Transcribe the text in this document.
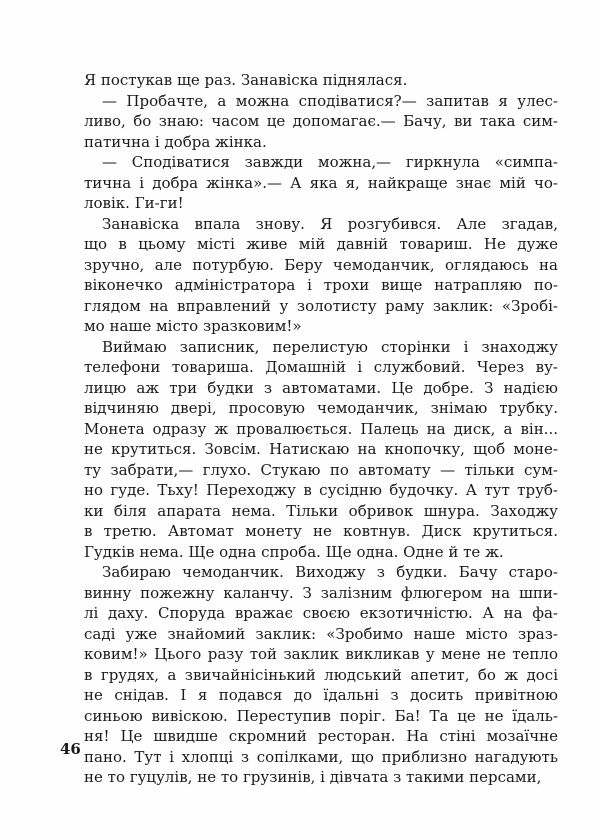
Я постукав ще раз. Занавіска піднялася.
— Пробачте, а можна сподіватися?— запитав я улес-
ливо, бо знаю: часом це допомагає.— Бачу, ви така сим-
патична і добра жінка.
— Сподіватися завжди можна,— гиркнула «симпа-
тична і добра жінка».— А яка я, найкраще знає мій чо-
ловік. Ги-ги!
Занавіска впала знову. Я розгубився. Але згадав,
що в цьому місті живе мій давній товариш. Не дуже
зручно, але потурбую. Беру чемоданчик, оглядаюсь на
віконечко адміністратора і трохи вище натрапляю по-
глядом на вправлений у золотисту раму заклик: «Зробі-
мо наше місто зразковим!»
Виймаю записник, перелистую сторінки і знаходжу
телефони товариша. Домашній і службовий. Через ву-
лицю аж три будки з автоматами. Це добре. З надією
відчиняю двері, просовую чемоданчик, знімаю трубку.
Монета одразу ж провалюється. Палець на диск, а він...
не крутиться. Зовсім. Натискаю на кнопочку, щоб моне-
ту забрати,— глухо. Стукаю по автомату — тільки сум-
но гуде. Тьху! Переходжу в сусідню будочку. А тут труб-
ки біля апарата нема. Тільки обривок шнура. Заходжу
в третю. Автомат монету не ковтнув. Диск крутиться.
Гудків нема. Ще одна спроба. Ще одна. Одне й те ж.
Забираю чемоданчик. Виходжу з будки. Бачу старо-
винну пожежну каланчу. З залізним флюгером на шпи-
лі даху. Споруда вражає своєю екзотичністю. А на фа-
саді уже знайомий заклик: «Зробимо наше місто зраз-
ковим!» Цього разу той заклик викликав у мене не тепло
в грудях, а звичайнісінький людський апетит, бо ж досі
не снідав. І я подався до їдальні з досить привітною
синьою вивіскою. Переступив поріг. Ба! Та це не їдаль-
ня! Це швидше скромний ресторан. На стіні мозаїчне
пано. Тут і хлопці з сопілками, що приблизно нагадують
не то гуцулів, не то грузинів, і дівчата з такими персами,
46
